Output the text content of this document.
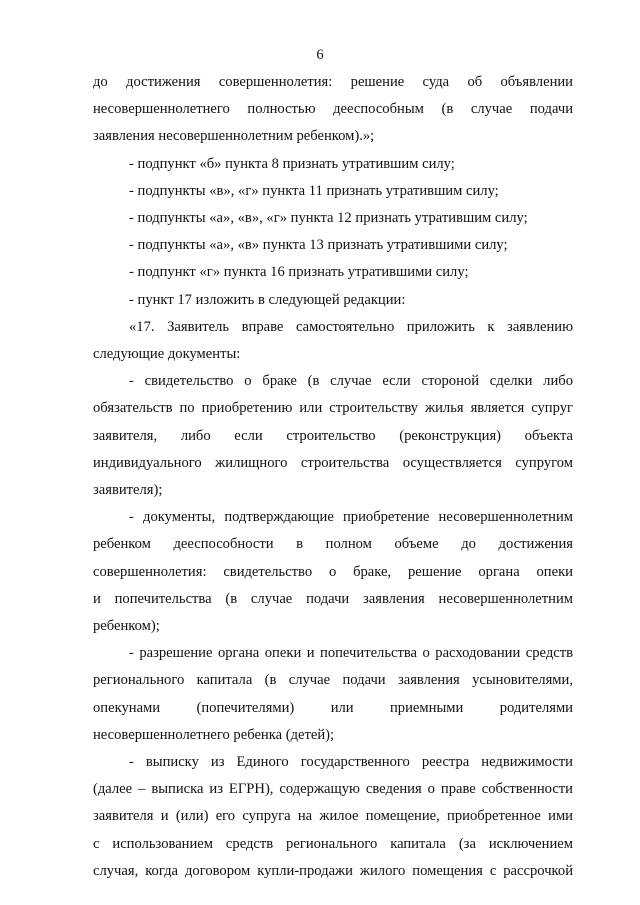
6
до достижения совершеннолетия: решение суда об объявлении
несовершеннолетнего полностью дееспособным (в случае подачи
заявления несовершеннолетним ребенком).»;
- подпункт «б» пункта 8 признать утратившим силу;
- подпункты «в», «г» пункта 11 признать утратившим силу;
- подпункты «а», «в», «г» пункта 12 признать утратившим силу;
- подпункты «а», «в» пункта 13 признать утратившими силу;
- подпункт «г» пункта 16 признать утратившими силу;
- пункт 17 изложить в следующей редакции:
«17. Заявитель вправе самостоятельно приложить к заявлению
следующие документы:
- свидетельство о браке (в случае если стороной сделки либо
обязательств по приобретению или строительству жилья является супруг
заявителя, либо если строительство (реконструкция) объекта
индивидуального жилищного строительства осуществляется супругом
заявителя);
- документы, подтверждающие приобретение несовершеннолетним
ребенком дееспособности в полном объеме до достижения
совершеннолетия: свидетельство о браке, решение органа опеки
и попечительства (в случае подачи заявления несовершеннолетним
ребенком);
- разрешение органа опеки и попечительства о расходовании средств
регионального капитала (в случае подачи заявления усыновителями,
опекунами (попечителями) или приемными родителями
несовершеннолетнего ребенка (детей);
- выписку из Единого государственного реестра недвижимости
(далее – выписка из ЕГРН), содержащую сведения о праве собственности
заявителя и (или) его супруга на жилое помещение, приобретенное ими
с использованием средств регионального капитала (за исключением
случая, когда договором купли-продажи жилого помещения с рассрочкой
